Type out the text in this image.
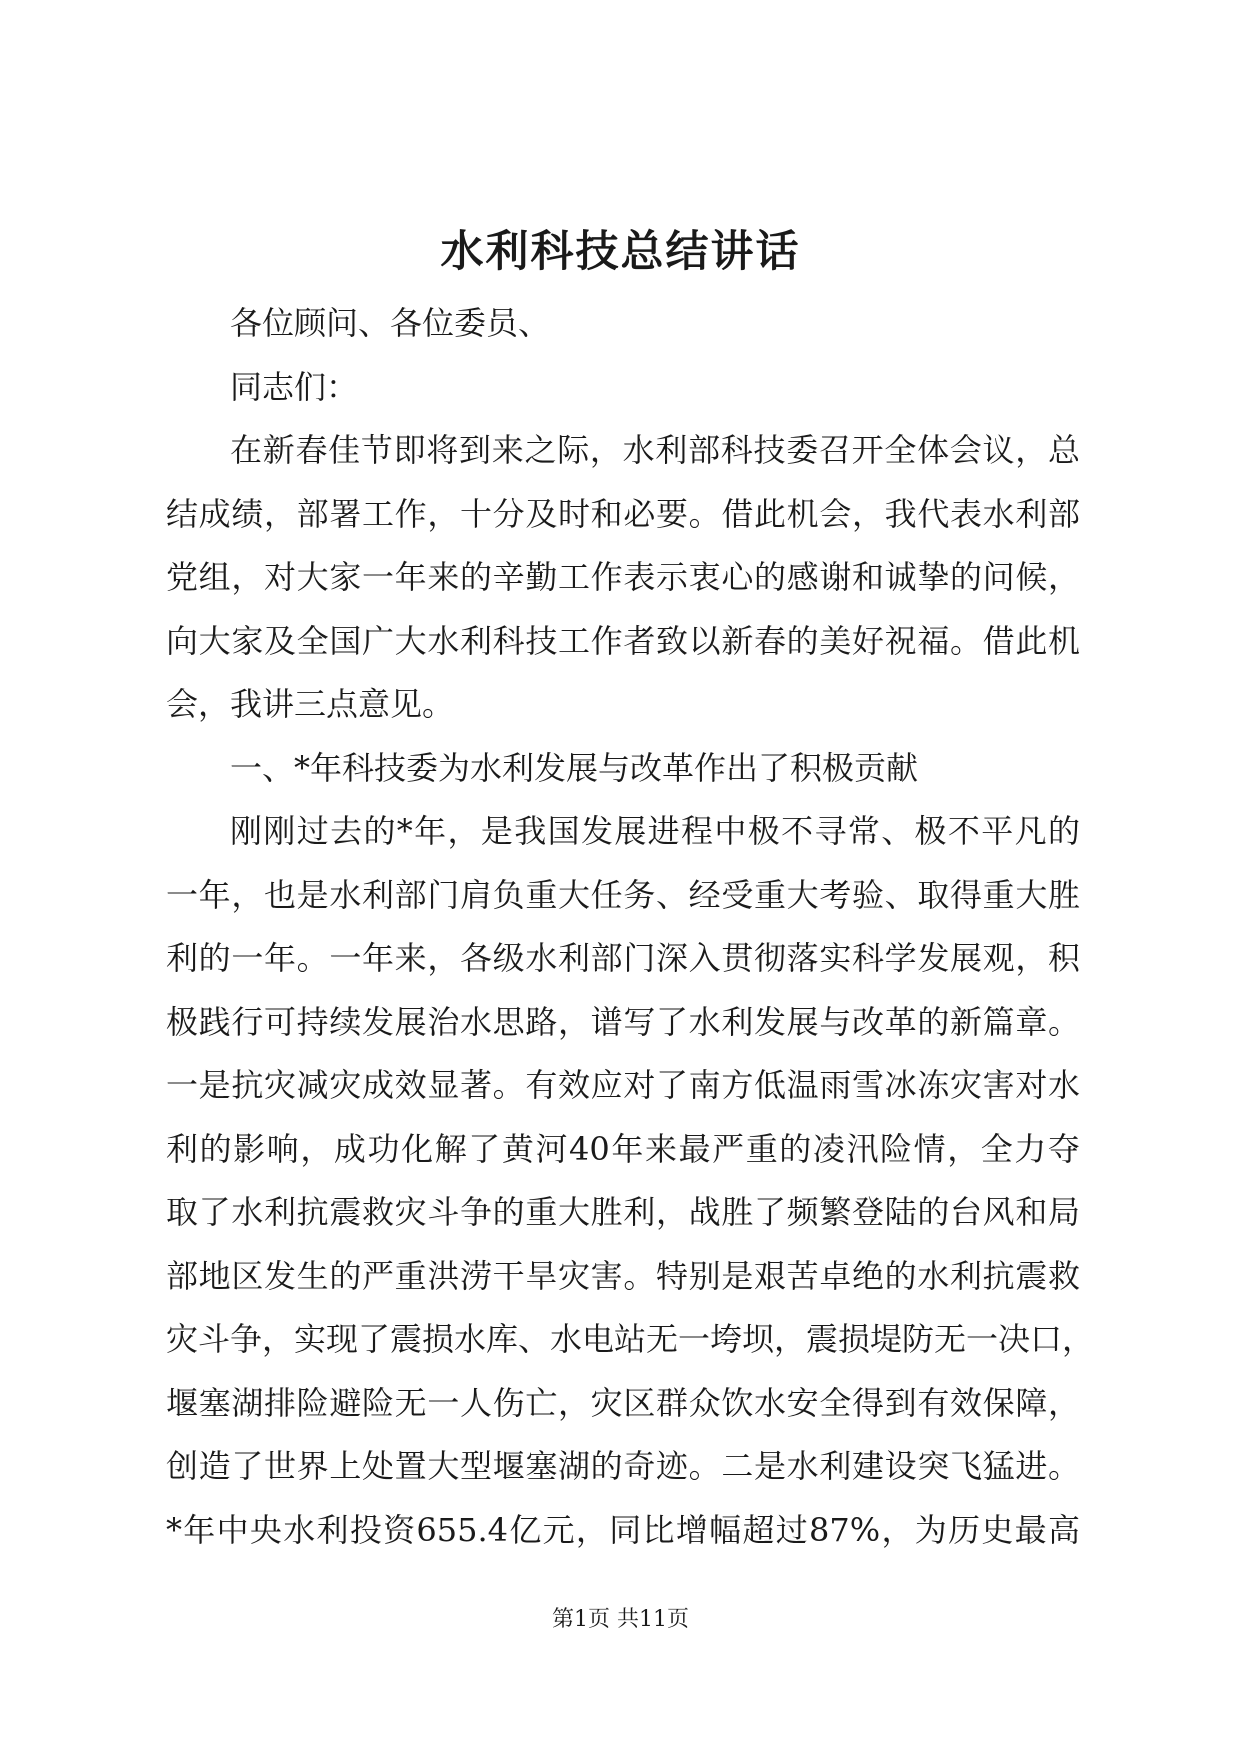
水利科技总结讲话
各位顾问、各位委员、
同志们：
在新春佳节即将到来之际，水利部科技委召开全体会议，总
结成绩，部署工作，十分及时和必要。借此机会，我代表水利部
党组，对大家一年来的辛勤工作表示衷心的感谢和诚挚的问候，
向大家及全国广大水利科技工作者致以新春的美好祝福。借此机
会，我讲三点意见。
一、*年科技委为水利发展与改革作出了积极贡献
刚刚过去的*年，是我国发展进程中极不寻常、极不平凡的
一年，也是水利部门肩负重大任务、经受重大考验、取得重大胜
利的一年。一年来，各级水利部门深入贯彻落实科学发展观，积
极践行可持续发展治水思路，谱写了水利发展与改革的新篇章。
一是抗灾减灾成效显著。有效应对了南方低温雨雪冰冻灾害对水
利的影响，成功化解了黄河40年来最严重的凌汛险情，全力夺
取了水利抗震救灾斗争的重大胜利，战胜了频繁登陆的台风和局
部地区发生的严重洪涝干旱灾害。特别是艰苦卓绝的水利抗震救
灾斗争，实现了震损水库、水电站无一垮坝，震损堤防无一决口，
堰塞湖排险避险无一人伤亡，灾区群众饮水安全得到有效保障，
创造了世界上处置大型堰塞湖的奇迹。二是水利建设突飞猛进。
*年中央水利投资655.4亿元，同比增幅超过87%，为历史最高
第1页 共11页
